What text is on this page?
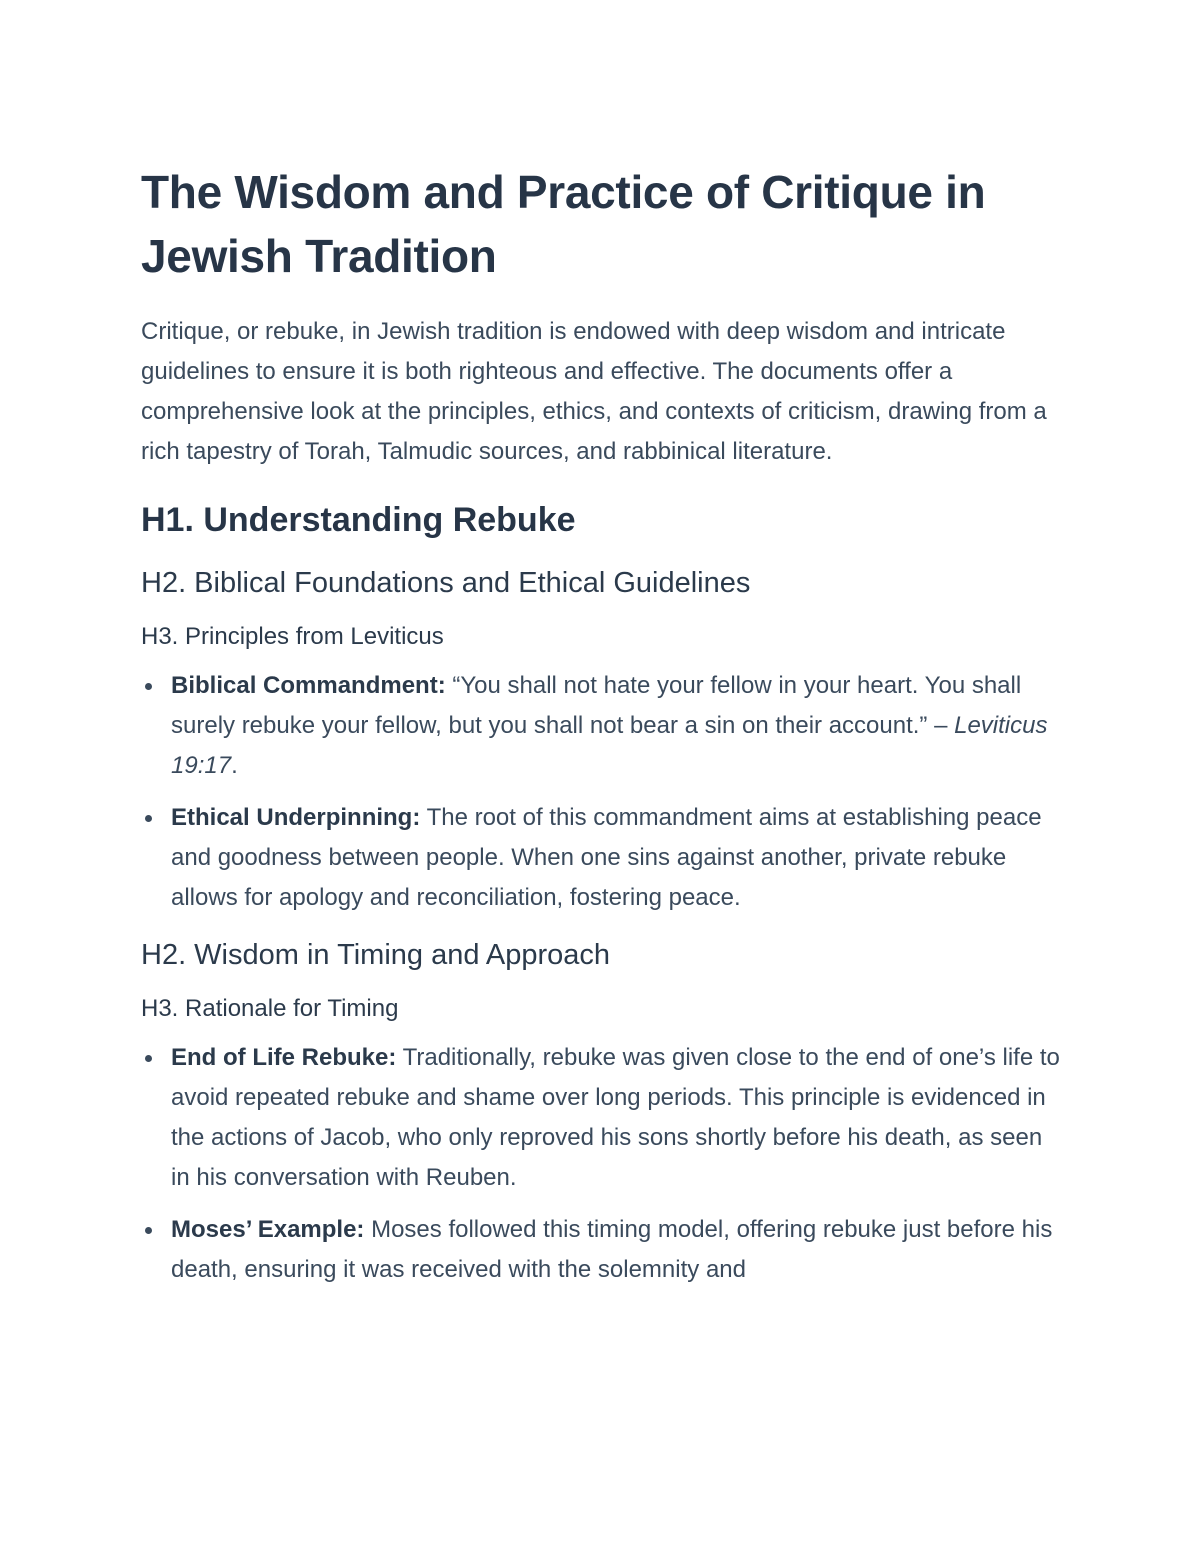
The Wisdom and Practice of Critique in Jewish Tradition

Critique, or rebuke, in Jewish tradition is endowed with deep wisdom and intricate guidelines to ensure it is both righteous and effective. The documents offer a comprehensive look at the principles, ethics, and contexts of criticism, drawing from a rich tapestry of Torah, Talmudic sources, and rabbinical literature.

H1. Understanding Rebuke
H2. Biblical Foundations and Ethical Guidelines
H3. Principles from Leviticus
Biblical Commandment: “You shall not hate your fellow in your heart. You shall surely rebuke your fellow, but you shall not bear a sin on their account.” – Leviticus 19:17.
Ethical Underpinning: The root of this commandment aims at establishing peace and goodness between people. When one sins against another, private rebuke allows for apology and reconciliation, fostering peace.
H2. Wisdom in Timing and Approach
H3. Rationale for Timing
End of Life Rebuke: Traditionally, rebuke was given close to the end of one’s life to avoid repeated rebuke and shame over long periods. This principle is evidenced in the actions of Jacob, who only reproved his sons shortly before his death, as seen in his conversation with Reuben.
Moses’ Example: Moses followed this timing model, offering rebuke just before his death, ensuring it was received with the solemnity and
